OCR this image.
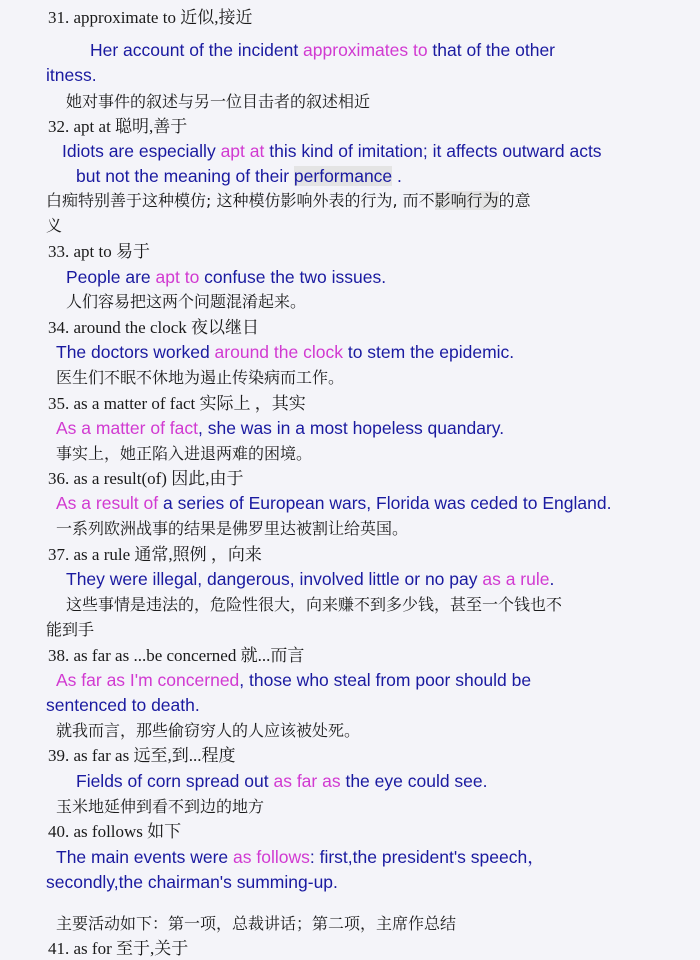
31. approximate to 近似,接近
Her account of the incident approximates to that of the other
itness.
她对事件的叙述与另一位目击者的叙述相近
32. apt at 聪明,善于
Idiots are especially apt at this kind of imitation; it affects outward acts
but not the meaning of their performance .
白痴特别善于这种模仿; 这种模仿影响外表的行为, 而不影响行为的意
义
33. apt to 易于
People are apt to confuse the two issues.
人们容易把这两个问题混淆起来。
34. around the clock 夜以继日
The doctors worked around the clock to stem the epidemic.
医生们不眠不休地为遏止传染病而工作。
35. as a matter of fact 实际上 ，其实
As a matter of fact, she was in a most hopeless quandary.
事实上，她正陷入进退两难的困境。
36. as a result(of) 因此,由于
As a result of a series of European wars, Florida was ceded to England.
一系列欧洲战事的结果是佛罗里达被割让给英国。
37. as a rule 通常,照例 ，向来
They were illegal, dangerous, involved little or no pay as a rule.
这些事情是违法的，危险性很大，向来赚不到多少钱，甚至一个钱也不
能到手
38. as far as ...be concerned 就...而言
As far as I'm concerned, those who steal from poor should be
sentenced to death.
就我而言，那些偷窃穷人的人应该被处死。
39. as far as 远至,到...程度
Fields of corn spread out as far as the eye could see.
玉米地延伸到看不到边的地方
40. as follows 如下
The main events were as follows: first,the president's speech，
secondly,the chairman's summing-up.
主要活动如下：第一项，总裁讲话；第二项，主席作总结
41. as for 至于,关于
